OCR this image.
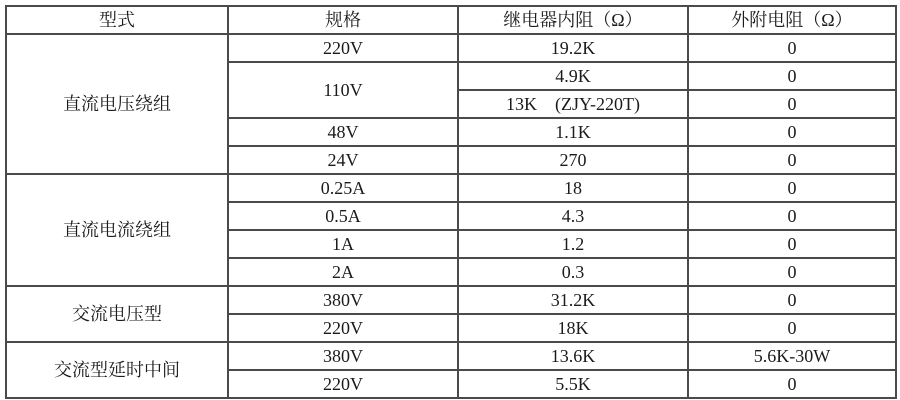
型式	规格	继电器内阻（Ω）	外附电阻（Ω）
直流电压绕组	220V	19.2K	0
	110V	4.9K	0
		13K　(ZJY-220T)	0
	48V	1.1K	0
	24V	270	0
直流电流绕组	0.25A	18	0
	0.5A	4.3	0
	1A	1.2	0
	2A	0.3	0
交流电压型	380V	31.2K	0
	220V	18K	0
交流型延时中间	380V	13.6K	5.6K-30W
	220V	5.5K	0
